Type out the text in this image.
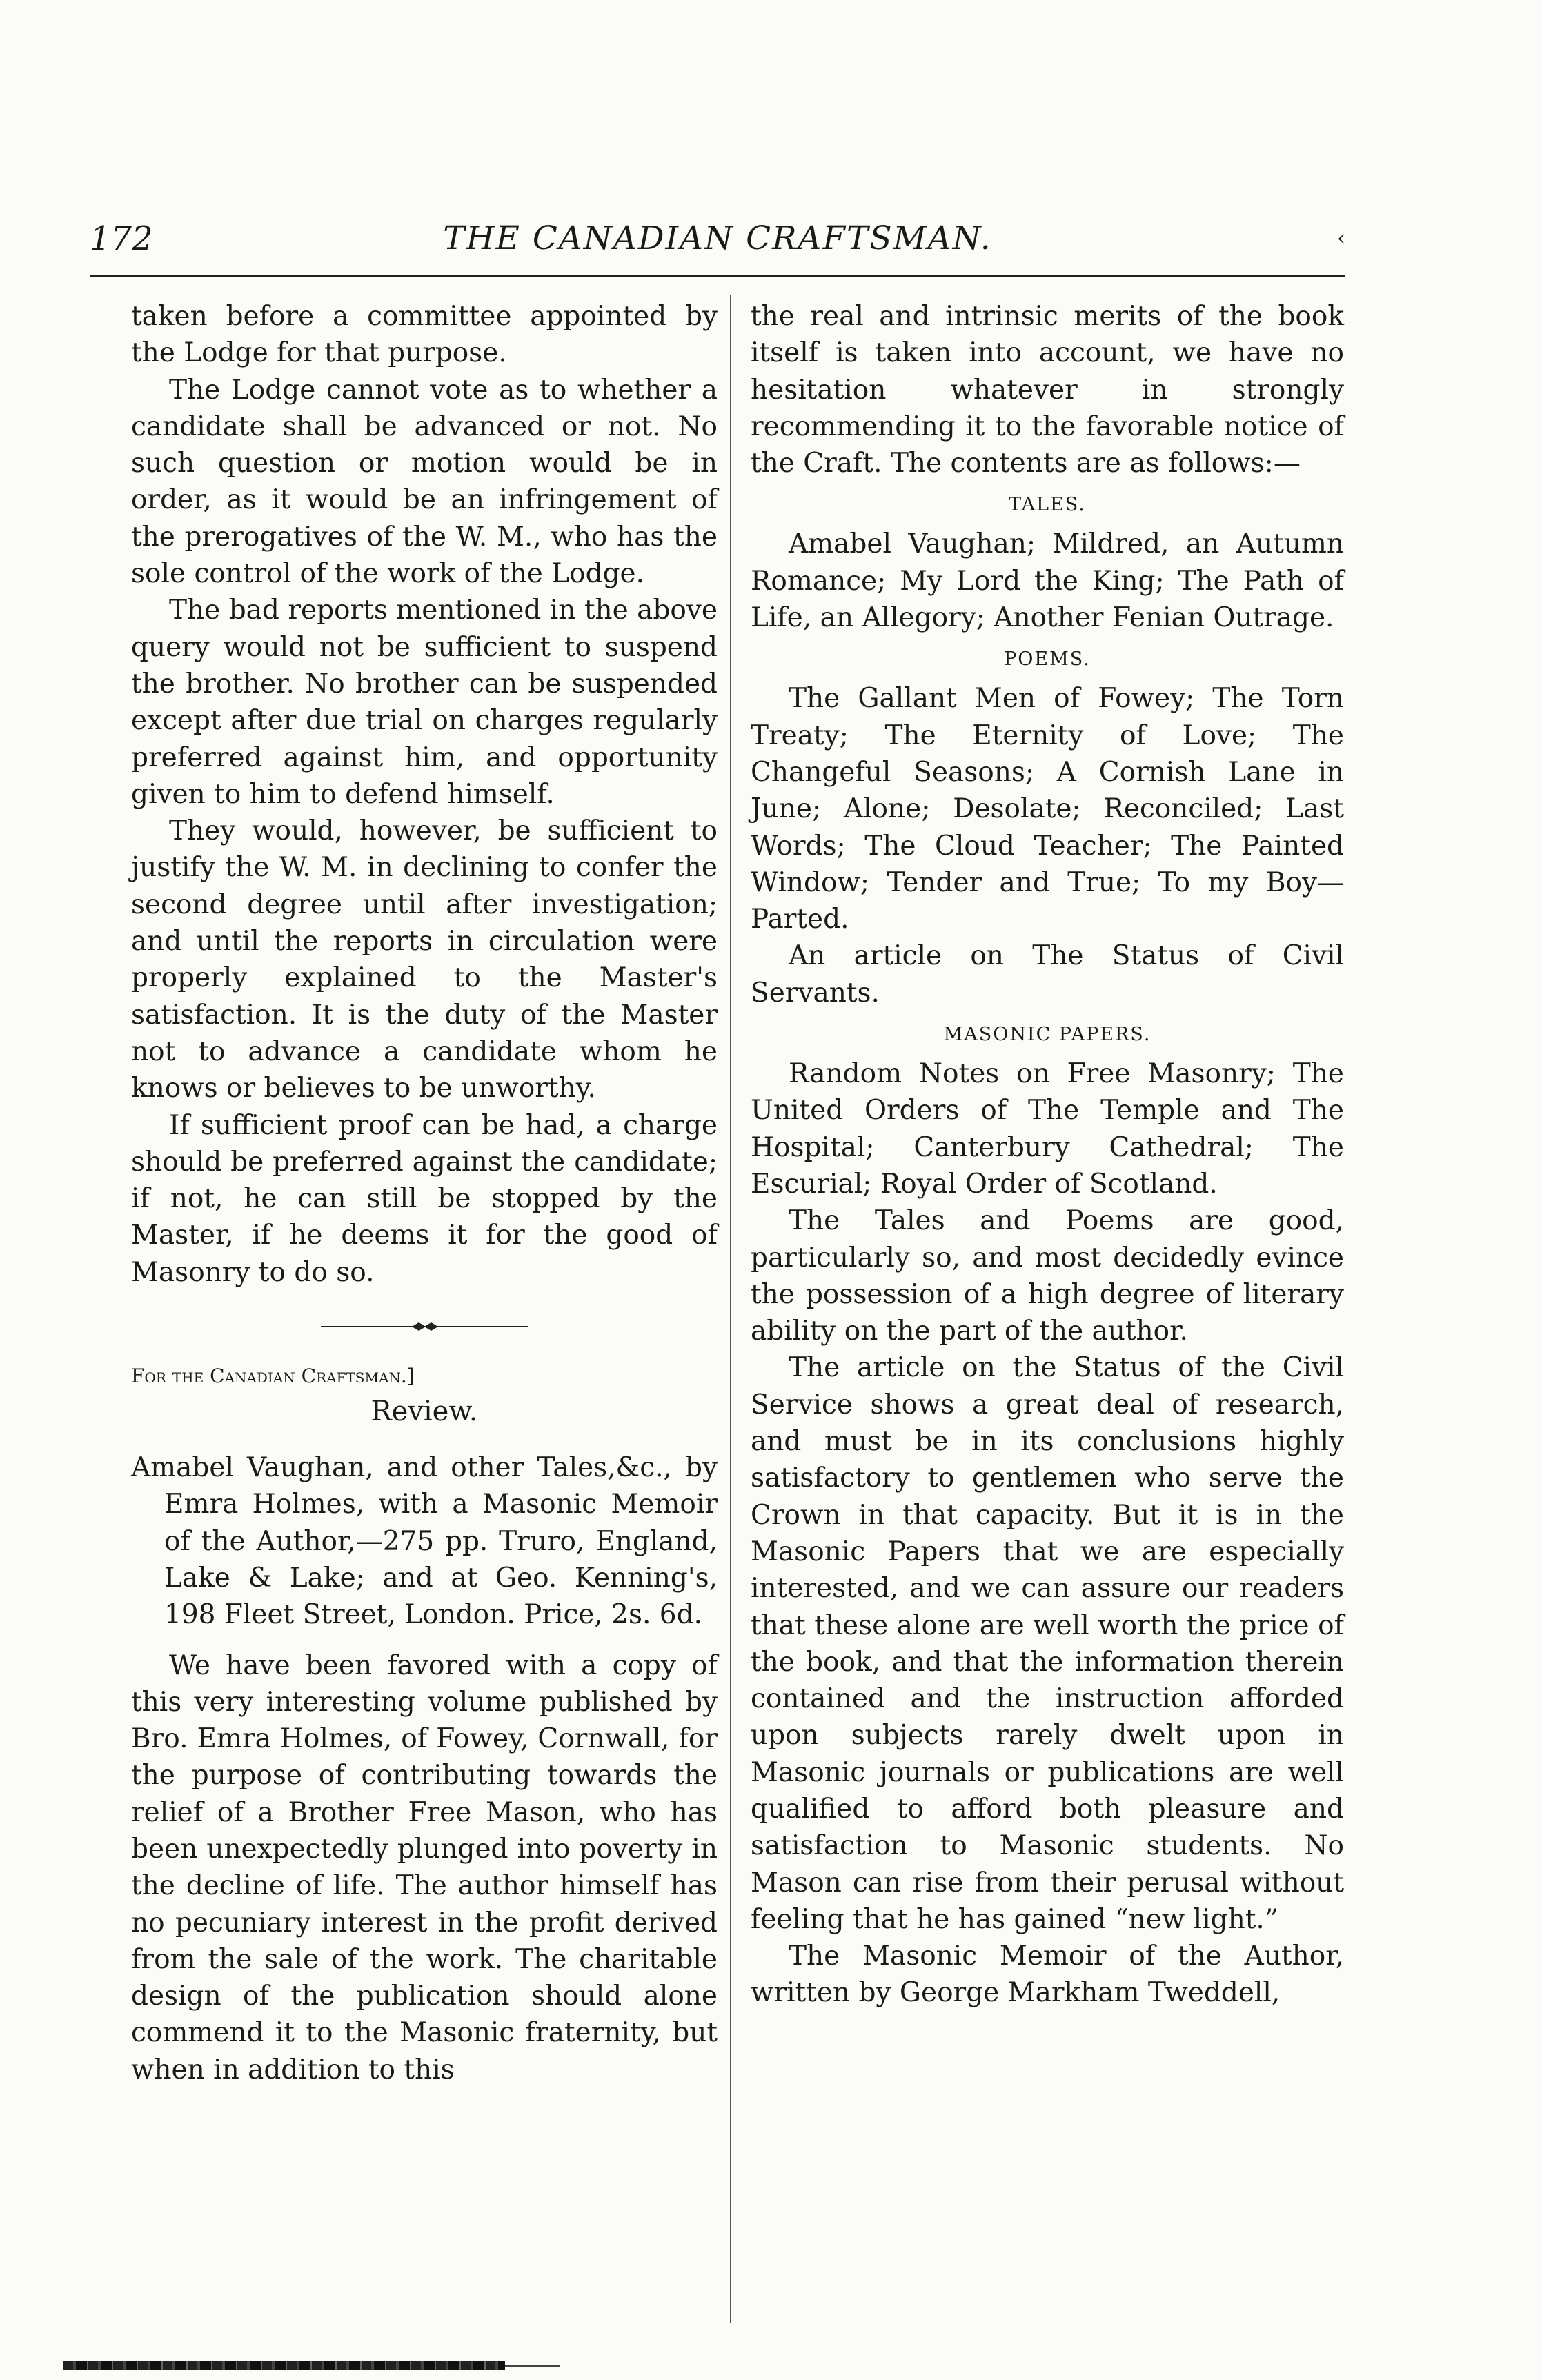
172	THE CANADIAN CRAFTSMAN.	‹

taken before a committee appointed by the Lodge for that purpose.

The Lodge cannot vote as to whether a candidate shall be advanced or not. No such question or motion would be in order, as it would be an infringement of the prerogatives of the W. M., who has the sole control of the work of the Lodge.

The bad reports mentioned in the above query would not be sufficient to suspend the brother. No brother can be suspended except after due trial on charges regularly preferred against him, and opportunity given to him to defend himself.

They would, however, be sufficient to justify the W. M. in declining to confer the second degree until after investigation; and until the reports in circulation were properly explained to the Master's satisfaction. It is the duty of the Master not to advance a candidate whom he knows or believes to be unworthy.

If sufficient proof can be had, a charge should be preferred against the candidate; if not, he can still be stopped by the Master, if he deems it for the good of Masonry to do so.

For the Canadian Craftsman.]
Review.

Amabel Vaughan, and other Tales,&c., by Emra Holmes, with a Masonic Memoir of the Author,—275 pp. Truro, England, Lake & Lake; and at Geo. Kenning's, 198 Fleet Street, London. Price, 2s. 6d.

We have been favored with a copy of this very interesting volume published by Bro. Emra Holmes, of Fowey, Cornwall, for the purpose of contributing towards the relief of a Brother Free Mason, who has been unexpectedly plunged into poverty in the decline of life. The author himself has no pecuniary interest in the profit derived from the sale of the work. The charitable design of the publication should alone commend it to the Masonic fraternity, but when in addition to this

the real and intrinsic merits of the book itself is taken into account, we have no hesitation whatever in strongly recommending it to the favorable notice of the Craft. The contents are as follows:—

TALES.

Amabel Vaughan; Mildred, an Autumn Romance; My Lord the King; The Path of Life, an Allegory; Another Fenian Outrage.

POEMS.

The Gallant Men of Fowey; The Torn Treaty; The Eternity of Love; The Changeful Seasons; A Cornish Lane in June; Alone; Desolate; Reconciled; Last Words; The Cloud Teacher; The Painted Window; Tender and True; To my Boy—Parted.

An article on The Status of Civil Servants.

MASONIC PAPERS.

Random Notes on Free Masonry; The United Orders of The Temple and The Hospital; Canterbury Cathedral; The Escurial; Royal Order of Scotland.

The Tales and Poems are good, particularly so, and most decidedly evince the possession of a high degree of literary ability on the part of the author.

The article on the Status of the Civil Service shows a great deal of research, and must be in its conclusions highly satisfactory to gentlemen who serve the Crown in that capacity. But it is in the Masonic Papers that we are especially interested, and we can assure our readers that these alone are well worth the price of the book, and that the information therein contained and the instruction afforded upon subjects rarely dwelt upon in Masonic journals or publications are well qualified to afford both pleasure and satisfaction to Masonic students. No Mason can rise from their perusal without feeling that he has gained “new light.”

The Masonic Memoir of the Author, written by George Markham Tweddell,
